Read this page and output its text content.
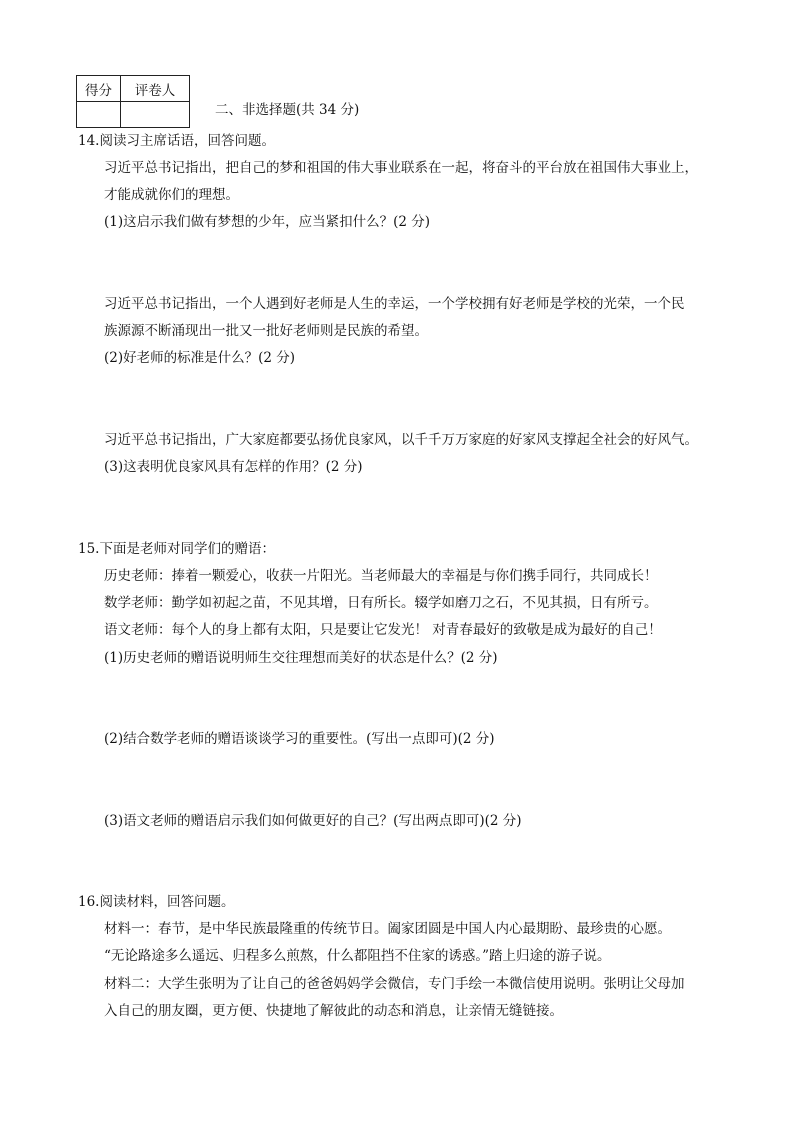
得分	评卷人

二、非选择题(共 34 分)
14.阅读习主席话语，回答问题。
习近平总书记指出，把自己的梦和祖国的伟大事业联系在一起，将奋斗的平台放在祖国伟大事业上，
才能成就你们的理想。
(1)这启示我们做有梦想的少年，应当紧扣什么？(2 分)
习近平总书记指出，一个人遇到好老师是人生的幸运，一个学校拥有好老师是学校的光荣，一个民
族源源不断涌现出一批又一批好老师则是民族的希望。
(2)好老师的标准是什么？(2 分)
习近平总书记指出，广大家庭都要弘扬优良家风，以千千万万家庭的好家风支撑起全社会的好风气。
(3)这表明优良家风具有怎样的作用？(2 分)
15.下面是老师对同学们的赠语：
历史老师：捧着一颗爱心，收获一片阳光。当老师最大的幸福是与你们携手同行，共同成长！
数学老师：勤学如初起之苗，不见其增，日有所长。辍学如磨刀之石，不见其损，日有所亏。
语文老师：每个人的身上都有太阳，只是要让它发光！ 对青春最好的致敬是成为最好的自己！
(1)历史老师的赠语说明师生交往理想而美好的状态是什么？(2 分)
(2)结合数学老师的赠语谈谈学习的重要性。(写出一点即可)(2 分)
(3)语文老师的赠语启示我们如何做更好的自己？(写出两点即可)(2 分)
16.阅读材料，回答问题。
材料一：春节，是中华民族最隆重的传统节日。阖家团圆是中国人内心最期盼、最珍贵的心愿。
“无论路途多么遥远、归程多么煎熬，什么都阻挡不住家的诱惑。”踏上归途的游子说。
材料二：大学生张明为了让自己的爸爸妈妈学会微信，专门手绘一本微信使用说明。张明让父母加
入自己的朋友圈，更方便、快捷地了解彼此的动态和消息，让亲情无缝链接。
